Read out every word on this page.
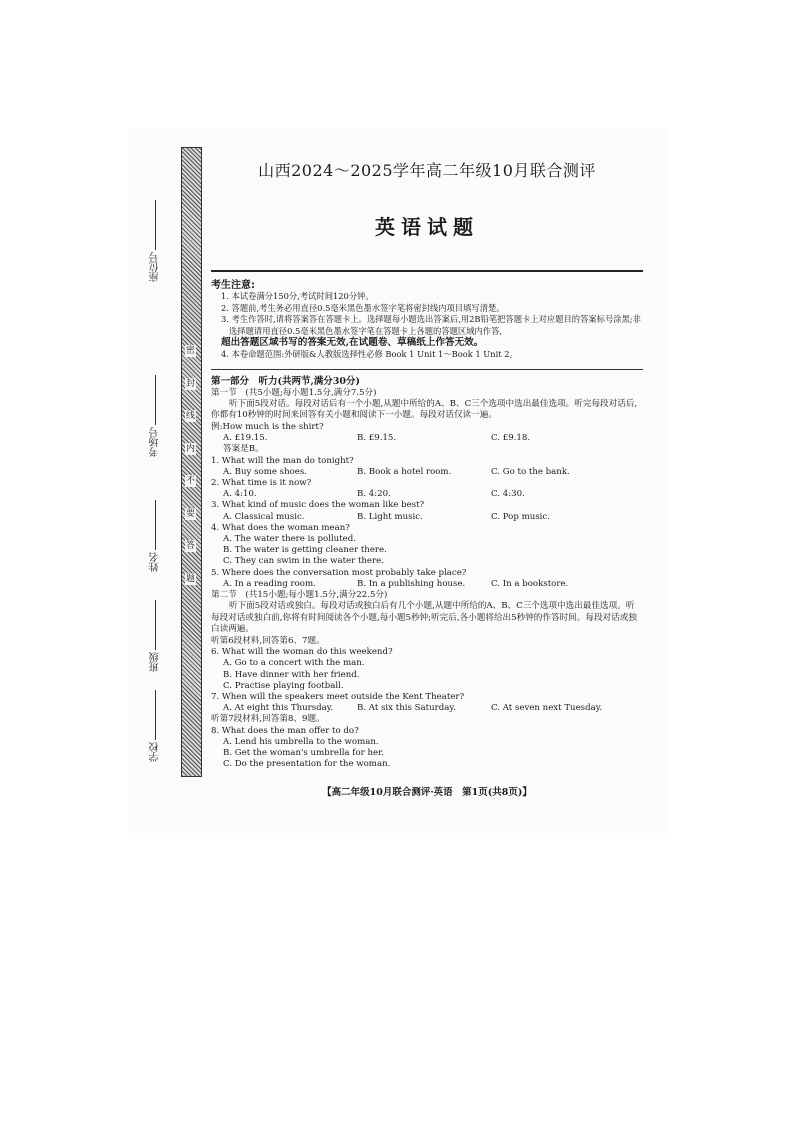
座位号
考场号
姓名
班级
学校
密
封
线
内
不
要
答
题
山西2024～2025学年高二年级10月联合测评
英语试题
考生注意:
1. 本试卷满分150分,考试时间120分钟。
2. 答题前,考生务必用直径0.5毫米黑色墨水签字笔将密封线内项目填写清楚。
3. 考生作答时,请将答案答在答题卡上。选择题每小题选出答案后,用2B铅笔把答题卡上对应题目的答案标号涂黑;非选择题请用直径0.5毫米黑色墨水签字笔在答题卡上各题的答题区域内作答,
超出答题区域书写的答案无效,在试题卷、草稿纸上作答无效。
4. 本卷命题范围:外研版&人教版选择性必修 Book 1 Unit 1～Book 1 Unit 2。
第一部分　听力(共两节,满分30分)
第一节　(共5小题;每小题1.5分,满分7.5分)
听下面5段对话。每段对话后有一个小题,从题中所给的A、B、C三个选项中选出最佳选项。听完每段对话后,你都有10秒钟的时间来回答有关小题和阅读下一小题。每段对话仅读一遍。
例:How much is the shirt?
A. £19.15.	B. £9.15.	C. £9.18.
答案是B。
1. What will the man do tonight?
A. Buy some shoes.	B. Book a hotel room.	C. Go to the bank.
2. What time is it now?
A. 4:10.	B. 4:20.	C. 4:30.
3. What kind of music does the woman like best?
A. Classical music.	B. Light music.	C. Pop music.
4. What does the woman mean?
A. The water there is polluted.
B. The water is getting cleaner there.
C. They can swim in the water there.
5. Where does the conversation most probably take place?
A. In a reading room.	B. In a publishing house.	C. In a bookstore.
第二节　(共15小题;每小题1.5分,满分22.5分)
听下面5段对话或独白。每段对话或独白后有几个小题,从题中所给的A、B、C三个选项中选出最佳选项。听每段对话或独白前,你将有时间阅读各个小题,每小题5秒钟;听完后,各小题将给出5秒钟的作答时间。每段对话或独白读两遍。
听第6段材料,回答第6、7题。
6. What will the woman do this weekend?
A. Go to a concert with the man.
B. Have dinner with her friend.
C. Practise playing football.
7. When will the speakers meet outside the Kent Theater?
A. At eight this Thursday.	B. At six this Saturday.	C. At seven next Tuesday.
听第7段材料,回答第8、9题。
8. What does the man offer to do?
A. Lend his umbrella to the woman.
B. Get the woman's umbrella for her.
C. Do the presentation for the woman.
【高二年级10月联合测评·英语　第1页(共8页)】
